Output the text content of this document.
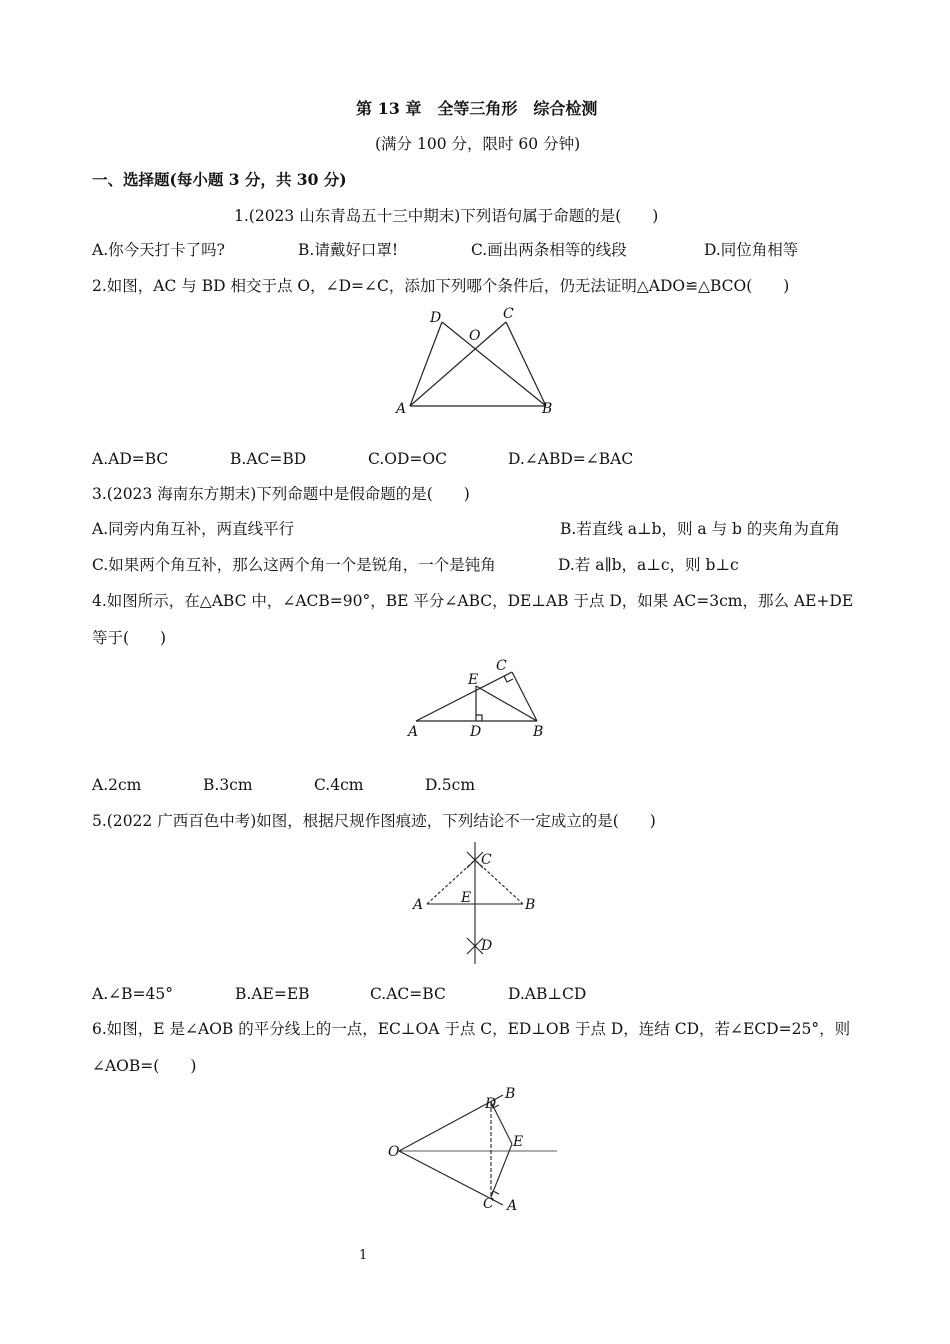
第 13 章　全等三角形　综合检测
(满分 100 分，限时 60 分钟)
一、选择题(每小题 3 分，共 30 分)
1.(2023 山东青岛五十三中期末)下列语句属于命题的是(　　)
A.你今天打卡了吗?	B.请戴好口罩!	C.画出两条相等的线段	D.同位角相等
2.如图，AC 与 BD 相交于点 O，∠D=∠C，添加下列哪个条件后，仍无法证明△ADO≌△BCO(　　)
D
O
C
A	B
A.AD=BC	B.AC=BD	C.OD=OC	D.∠ABD=∠BAC
3.(2023 海南东方期末)下列命题中是假命题的是(　　)
A.同旁内角互补，两直线平行	B.若直线 a⊥b，则 a 与 b 的夹角为直角
C.如果两个角互补，那么这两个角一个是锐角，一个是钝角	D.若 a∥b，a⊥c，则 b⊥c
4.如图所示，在△ABC 中，∠ACB=90°，BE 平分∠ABC，DE⊥AB 于点 D，如果 AC=3cm，那么 AE+DE
等于(　　)
C
E
A	D	B
A.2cm	B.3cm	C.4cm	D.5cm
5.(2022 广西百色中考)如图，根据尺规作图痕迹，下列结论不一定成立的是(　　)
C
A	E	B
D
A.∠B=45°	B.AE=EB	C.AC=BC	D.AB⊥CD
6.如图，E 是∠AOB 的平分线上的一点，EC⊥OA 于点 C，ED⊥OB 于点 D，连结 CD，若∠ECD=25°，则
∠AOB=(　　)
D
B
E
O
C A
1
